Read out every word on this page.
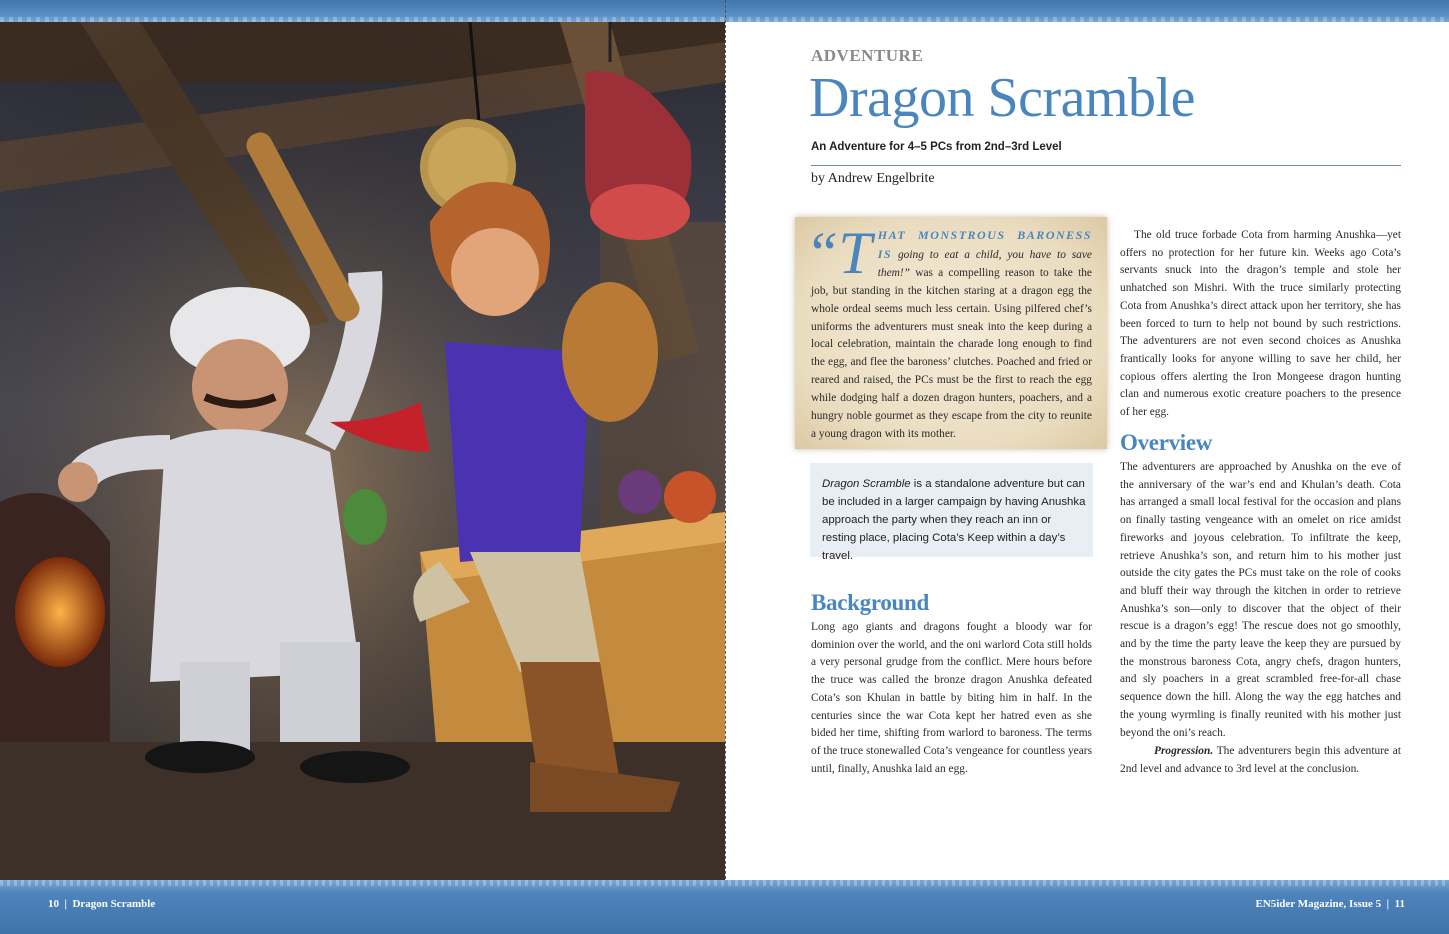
ADVENTURE
Dragon Scramble
An Adventure for 4–5 PCs from 2nd–3rd Level
by Andrew Engelbrite
“THAT MONSTROUS BARONESS IS going to eat a child, you have to save them!” was a compelling reason to take the job, but standing in the kitchen staring at a dragon egg the whole ordeal seems much less certain. Using pilfered chef’s uniforms the adventurers must sneak into the keep during a local celebration, maintain the charade long enough to find the egg, and flee the baroness’ clutches. Poached and fried or reared and raised, the PCs must be the first to reach the egg while dodging half a dozen dragon hunters, poachers, and a hungry noble gourmet as they escape from the city to reunite a young dragon with its mother.
Dragon Scramble is a standalone adventure but can be included in a larger campaign by having Anushka approach the party when they reach an inn or resting place, placing Cota’s Keep within a day’s travel.
Background

Long ago giants and dragons fought a bloody war for dominion over the world, and the oni warlord Cota still holds a very personal grudge from the conflict. Mere hours before the truce was called the bronze dragon Anushka defeated Cota’s son Khulan in battle by biting him in half. In the centuries since the war Cota kept her hatred even as she bided her time, shifting from warlord to baroness. The terms of the truce stonewalled Cota’s vengeance for countless years until, finally, Anushka laid an egg.

The old truce forbade Cota from harming Anushka—yet offers no protection for her future kin. Weeks ago Cota’s servants snuck into the dragon’s temple and stole her unhatched son Mishri. With the truce similarly protecting Cota from Anushka’s direct attack upon her territory, she has been forced to turn to help not bound by such restrictions. The adventurers are not even second choices as Anushka frantically looks for anyone willing to save her child, her copious offers alerting the Iron Mongeese dragon hunting clan and numerous exotic creature poachers to the presence of her egg.

Overview

The adventurers are approached by Anushka on the eve of the anniversary of the war’s end and Khulan’s death. Cota has arranged a small local festival for the occasion and plans on finally tasting vengeance with an omelet on rice amidst fireworks and joyous celebration. To infiltrate the keep, retrieve Anushka’s son, and return him to his mother just outside the city gates the PCs must take on the role of cooks and bluff their way through the kitchen in order to retrieve Anushka’s son—only to discover that the object of their rescue is a dragon’s egg! The rescue does not go smoothly, and by the time the party leave the keep they are pursued by the monstrous baroness Cota, angry chefs, dragon hunters, and sly poachers in a great scrambled free-for-all chase sequence down the hill. Along the way the egg hatches and the young wyrmling is finally reunited with his mother just beyond the oni’s reach.

Progression. The adventurers begin this adventure at 2nd level and advance to 3rd level at the conclusion.

10  |  Dragon Scramble	EN5ider Magazine, Issue 5  |  11
